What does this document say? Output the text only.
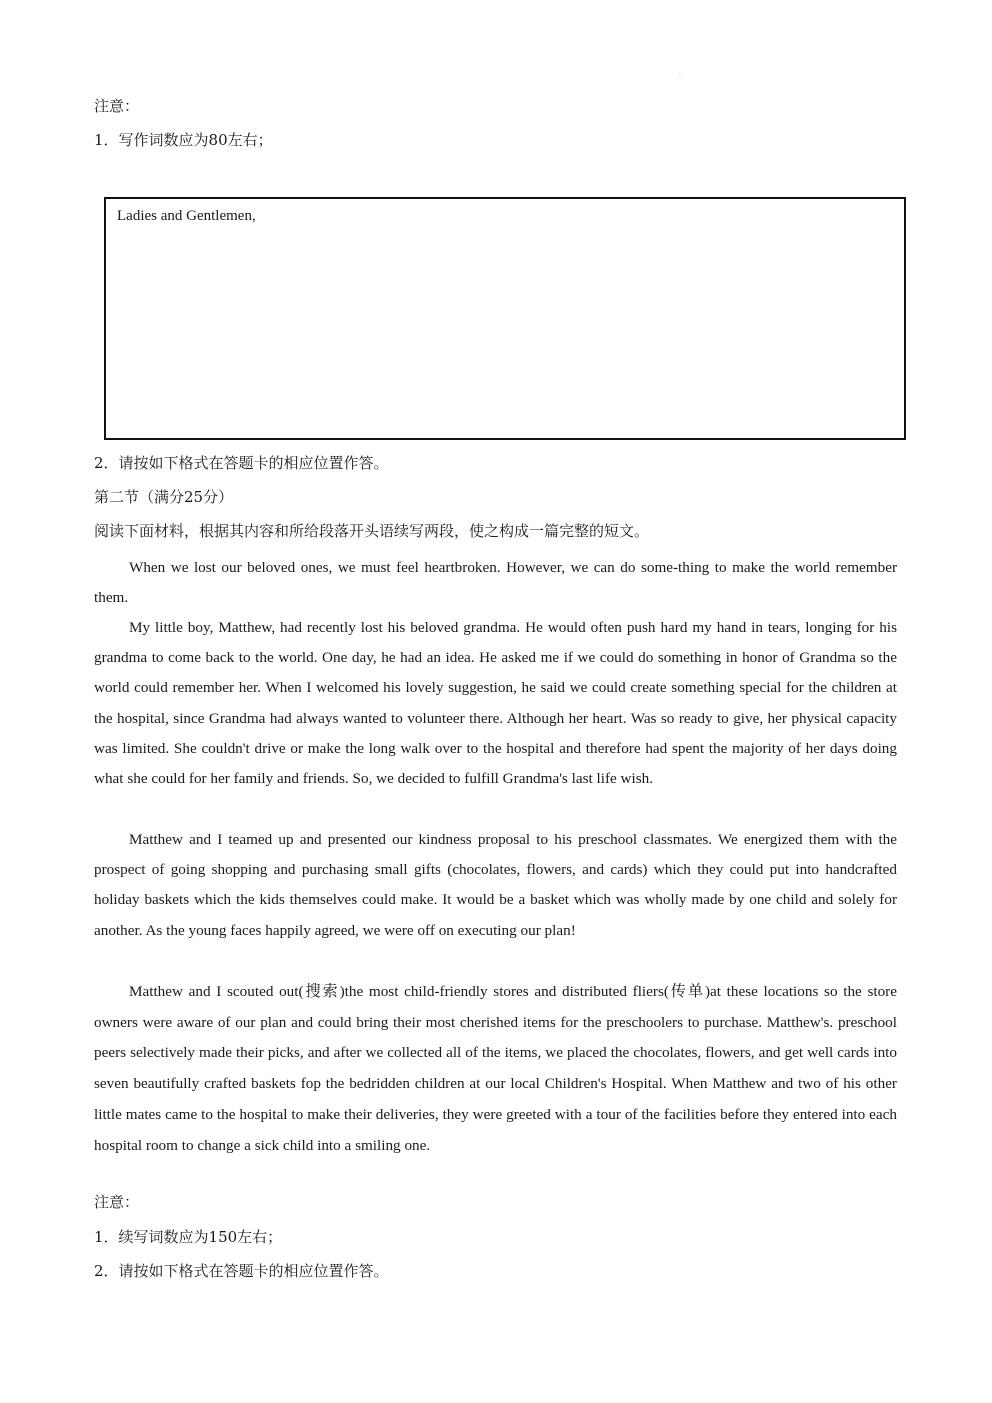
.
注意：
1．写作词数应为80左右；
Ladies and Gentlemen,
2．请按如下格式在答题卡的相应位置作答。
第二节（满分25分）
阅读下面材料，根据其内容和所给段落开头语续写两段，使之构成一篇完整的短文。

When we lost our beloved ones, we must feel heartbroken. However, we can do some-thing to make the world remember them.

My little boy, Matthew, had recently lost his beloved grandma. He would often push hard my hand in tears, longing for his grandma to come back to the world. One day, he had an idea. He asked me if we could do something in honor of Grandma so the world could remember her. When I welcomed his lovely suggestion, he said we could create something special for the children at the hospital, since Grandma had always wanted to volunteer there. Although her heart. Was so ready to give, her physical capacity was limited. She couldn't drive or make the long walk over to the hospital and therefore had spent the majority of her days doing what she could for her family and friends. So, we decided to fulfill Grandma's last life wish.

Matthew and I teamed up and presented our kindness proposal to his preschool classmates. We energized them with the prospect of going shopping and purchasing small gifts (chocolates, flowers, and cards) which they could put into handcrafted holiday baskets which the kids themselves could make. It would be a basket which was wholly made by one child and solely for another. As the young faces happily agreed, we were off on executing our plan!

Matthew and I scouted out(搜索)the most child-friendly stores and distributed fliers(传单)at these locations so the store owners were aware of our plan and could bring their most cherished items for the preschoolers to purchase. Matthew's. preschool peers selectively made their picks, and after we collected all of the items, we placed the chocolates, flowers, and get well cards into seven beautifully crafted baskets fop the bedridden children at our local Children's Hospital. When Matthew and two of his other little mates came to the hospital to make their deliveries, they were greeted with a tour of the facilities before they entered into each hospital room to change a sick child into a smiling one.

注意：
1．续写词数应为150左右；
2．请按如下格式在答题卡的相应位置作答。
